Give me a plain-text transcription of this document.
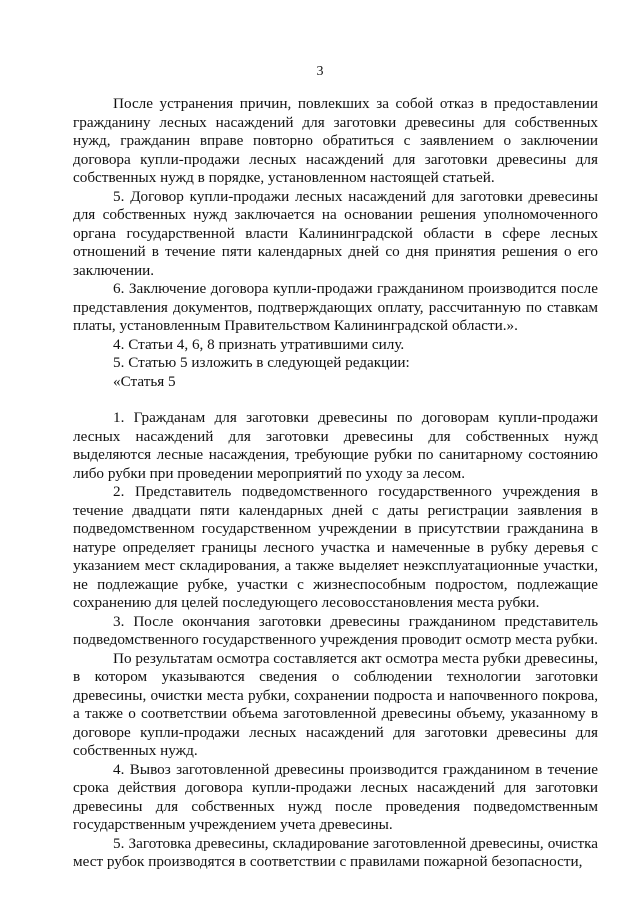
3

После устранения причин, повлекших за собой отказ в предоставлении гражданину лесных насаждений для заготовки древесины для собственных нужд, гражданин вправе повторно обратиться с заявлением о заключении договора купли-продажи лесных насаждений для заготовки древесины для собственных нужд в порядке, установленном настоящей статьей.

5. Договор купли-продажи лесных насаждений для заготовки древесины для собственных нужд заключается на основании решения уполномоченного органа государственной власти Калининградской области в сфере лесных отношений в течение пяти календарных дней со дня принятия решения о его заключении.

6. Заключение договора купли-продажи гражданином производится после представления документов, подтверждающих оплату, рассчитанную по ставкам платы, установленным Правительством Калининградской области.».

4. Статьи 4, 6, 8 признать утратившими силу.

5. Статью 5 изложить в следующей редакции:

«Статья 5

1. Гражданам для заготовки древесины по договорам купли-продажи лесных насаждений для заготовки древесины для собственных нужд выделяются лесные насаждения, требующие рубки по санитарному состоянию либо рубки при проведении мероприятий по уходу за лесом.

2. Представитель подведомственного государственного учреждения в течение двадцати пяти календарных дней с даты регистрации заявления в подведомственном государственном учреждении в присутствии гражданина в натуре определяет границы лесного участка и намеченные в рубку деревья с указанием мест складирования, а также выделяет неэксплуатационные участки, не подлежащие рубке, участки с жизнеспособным подростом, подлежащие сохранению для целей последующего лесовосстановления места рубки.

3. После окончания заготовки древесины гражданином представитель подведомственного государственного учреждения проводит осмотр места рубки.

По результатам осмотра составляется акт осмотра места рубки древесины, в котором указываются сведения о соблюдении технологии заготовки древесины, очистки места рубки, сохранении подроста и напочвенного покрова, а также о соответствии объема заготовленной древесины объему, указанному в договоре купли-продажи лесных насаждений для заготовки древесины для собственных нужд.

4. Вывоз заготовленной древесины производится гражданином в течение срока действия договора купли-продажи лесных насаждений для заготовки древесины для собственных нужд после проведения подведомственным государственным учреждением учета древесины.

5. Заготовка древесины, складирование заготовленной древесины, очистка мест рубок производятся в соответствии с правилами пожарной безопасности,
